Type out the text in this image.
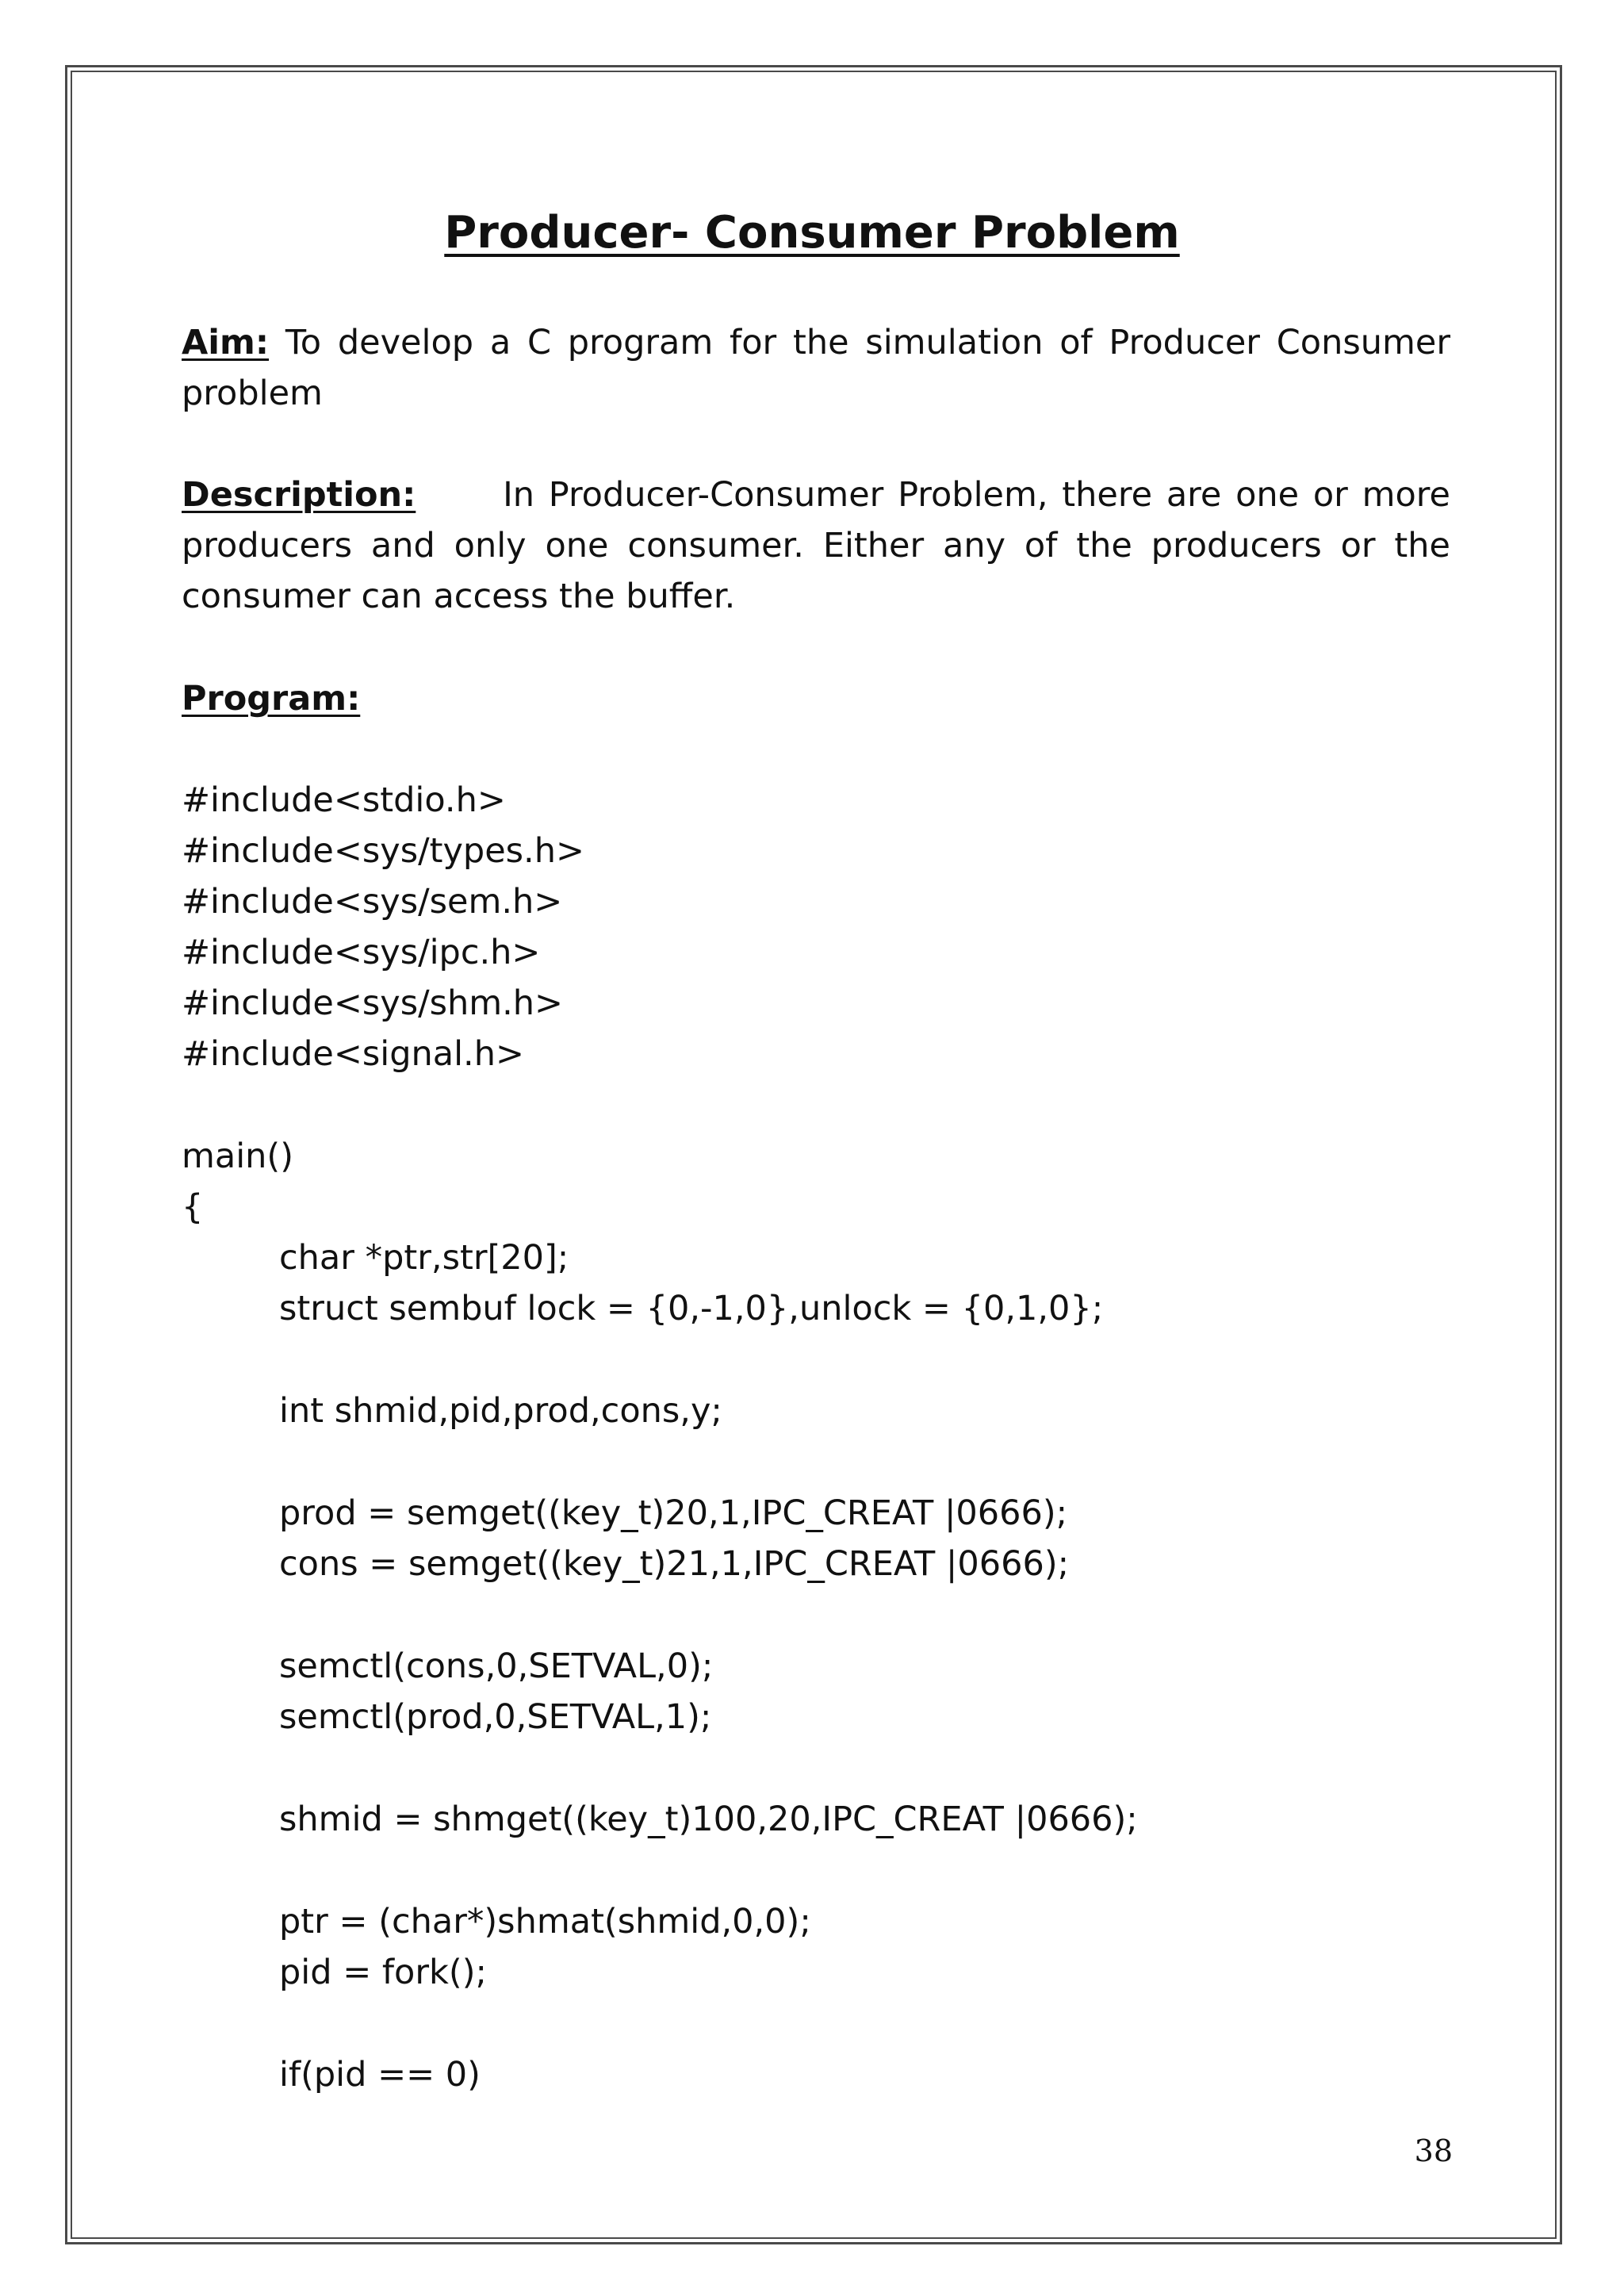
Producer- Consumer Problem
Aim: To develop a C program for the simulation of Producer Consumer problem
Description:	In Producer-Consumer Problem, there are one or more producers and only one consumer. Either any of the producers or the consumer can access the buffer.
Program:
#include<stdio.h>
#include<sys/types.h>
#include<sys/sem.h>
#include<sys/ipc.h>
#include<sys/shm.h>
#include<signal.h>
main()
{
char *ptr,str[20];
struct sembuf lock = {0,-1,0},unlock = {0,1,0};
int shmid,pid,prod,cons,y;
prod = semget((key_t)20,1,IPC_CREAT |0666);
cons = semget((key_t)21,1,IPC_CREAT |0666);
semctl(cons,0,SETVAL,0);
semctl(prod,0,SETVAL,1);
shmid = shmget((key_t)100,20,IPC_CREAT |0666);
ptr = (char*)shmat(shmid,0,0);
pid = fork();
if(pid == 0)
38
